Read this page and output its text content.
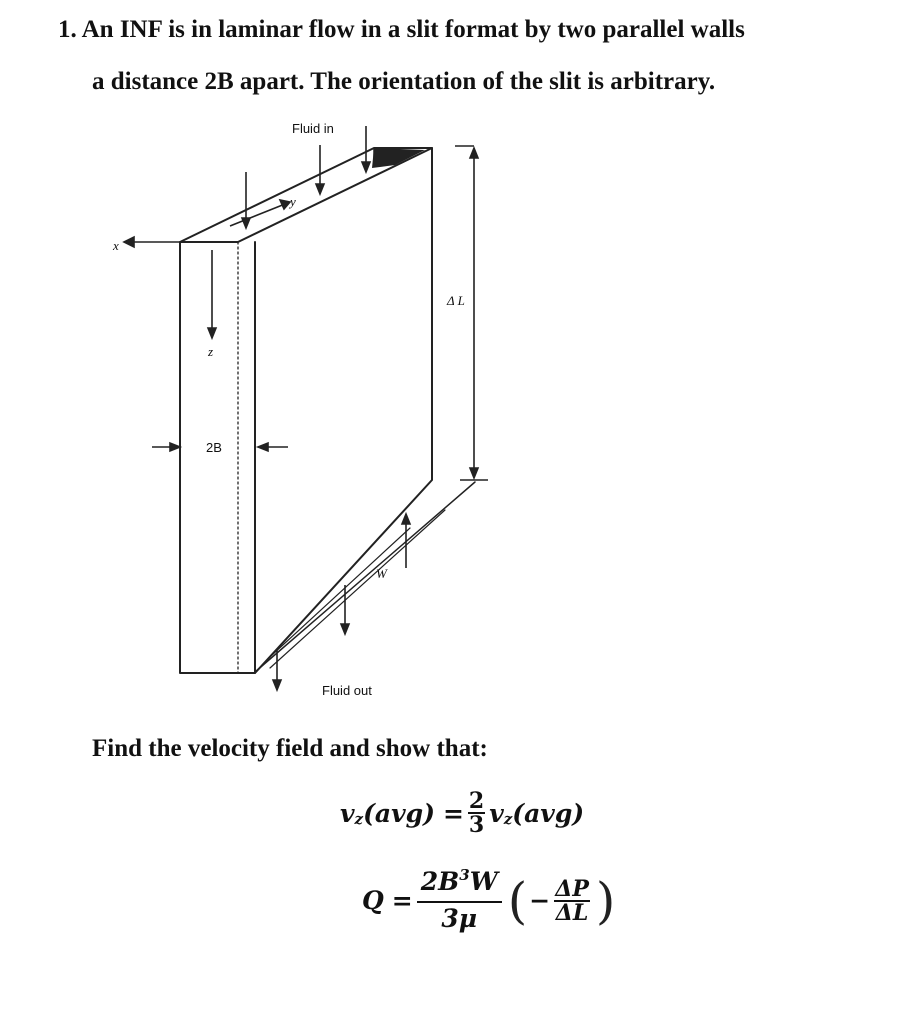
1. An INF is in laminar flow in a slit format by two parallel walls
a distance 2B apart. The orientation of the slit is arbitrary.
Fluid in
Fluid out
2B
Δ L
W
x
y
z
Find the velocity field and show that:
v z $(avg) = \frac{2}{3}$ v z (avg)
$Q = \frac{2B^3W}{3\mu}$ ( − $\frac{\Delta P}{\Delta L}$ )
